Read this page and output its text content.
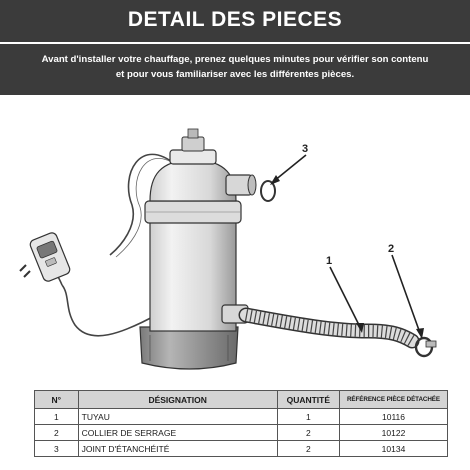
DETAIL DES PIECES
Avant d'installer votre chauffage, prenez quelques minutes pour vérifier son contenu
et pour vous familiariser avec les différentes pièces.
3
1
2
N°	DÉSIGNATION	QUANTITÉ	RÉFÉRENCE PIÈCE DÉTACHÉE
1	TUYAU	1	10116
2	COLLIER DE SERRAGE	2	10122
3	JOINT D'ÉTANCHÉITÉ	2	10134
